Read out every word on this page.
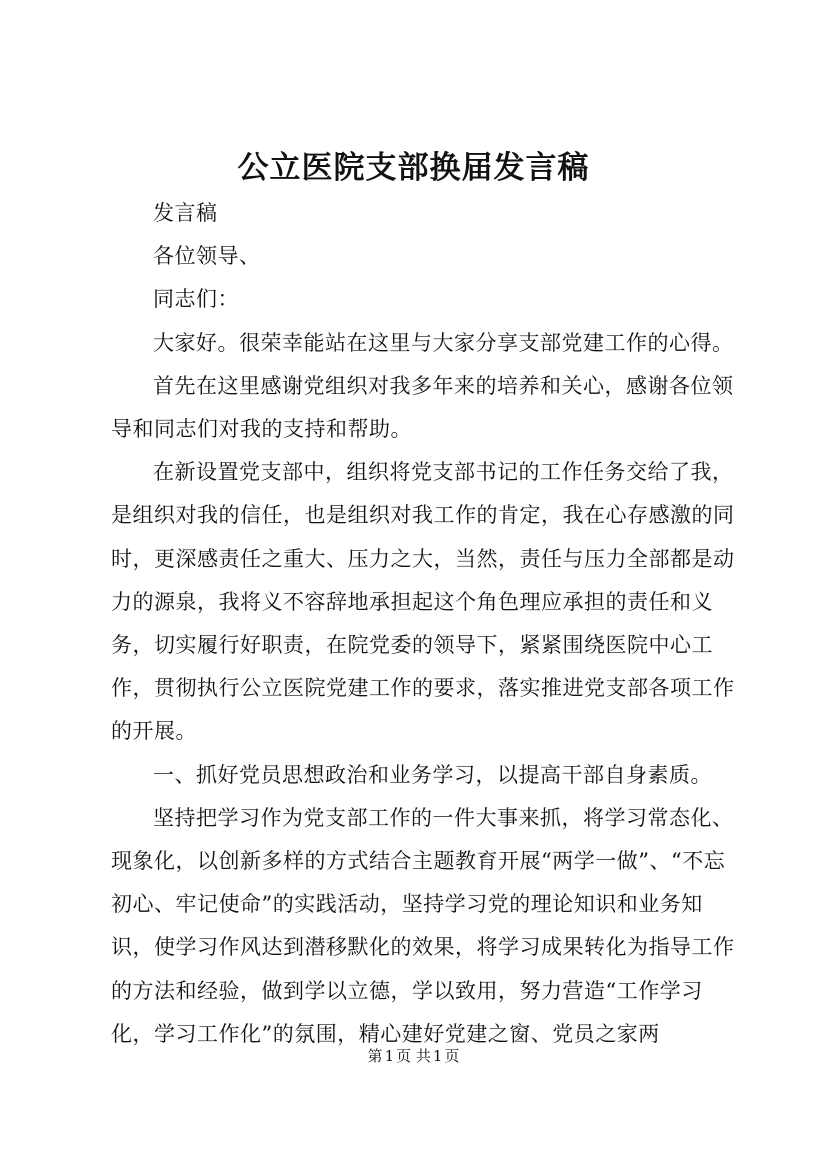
公立医院支部换届发言稿

发言稿

各位领导、

同志们：

大家好。很荣幸能站在这里与大家分享支部党建工作的心得。

首先在这里感谢党组织对我多年来的培养和关心，感谢各位领导和同志们对我的支持和帮助。

在新设置党支部中，组织将党支部书记的工作任务交给了我，是组织对我的信任，也是组织对我工作的肯定，我在心存感激的同时，更深感责任之重大、压力之大，当然，责任与压力全部都是动力的源泉，我将义不容辞地承担起这个角色理应承担的责任和义务，切实履行好职责，在院党委的领导下，紧紧围绕医院中心工作，贯彻执行公立医院党建工作的要求，落实推进党支部各项工作的开展。

一、抓好党员思想政治和业务学习，以提高干部自身素质。

坚持把学习作为党支部工作的一件大事来抓，将学习常态化、现象化，以创新多样的方式结合主题教育开展“两学一做”、“不忘初心、牢记使命”的实践活动，坚持学习党的理论知识和业务知识，使学习作风达到潜移默化的效果，将学习成果转化为指导工作的方法和经验，做到学以立德，学以致用，努力营造“工作学习化，学习工作化”的氛围，精心建好党建之窗、党员之家两

第 1 页 共 1 页
